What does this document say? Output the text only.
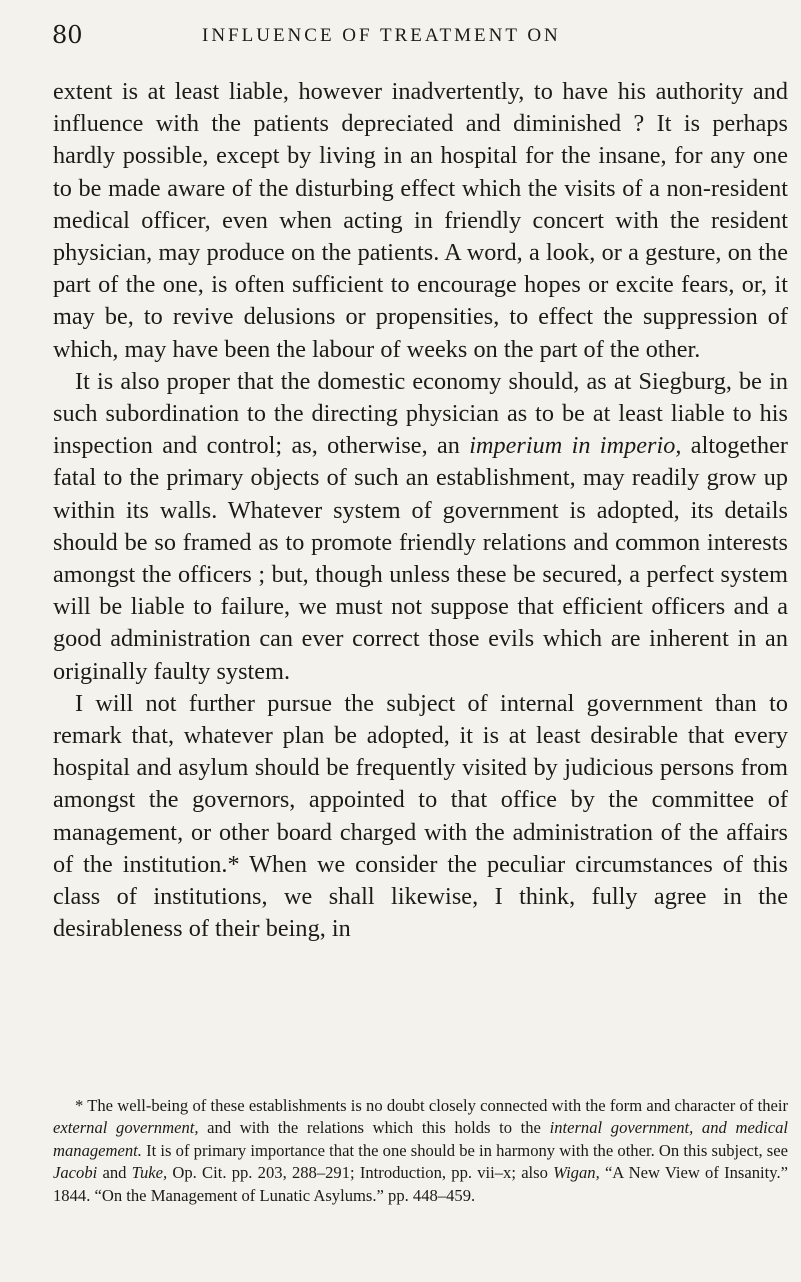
80	INFLUENCE OF TREATMENT ON

extent is at least liable, however inadvertently, to have his authority and influence with the patients depreciated and diminished ? It is perhaps hardly possible, except by living in an hospital for the insane, for any one to be made aware of the disturbing effect which the visits of a non-resident medical officer, even when acting in friendly concert with the resident physician, may produce on the patients. A word, a look, or a gesture, on the part of the one, is often sufficient to encourage hopes or excite fears, or, it may be, to revive delusions or propensities, to effect the suppression of which, may have been the labour of weeks on the part of the other.

It is also proper that the domestic economy should, as at Siegburg, be in such subordination to the directing physician as to be at least liable to his inspection and control; as, otherwise, an imperium in imperio, altogether fatal to the primary objects of such an establishment, may readily grow up within its walls. Whatever system of government is adopted, its details should be so framed as to promote friendly relations and common interests amongst the officers ; but, though unless these be secured, a perfect system will be liable to failure, we must not suppose that efficient officers and a good administration can ever correct those evils which are inherent in an originally faulty system.

I will not further pursue the subject of internal government than to remark that, whatever plan be adopted, it is at least desirable that every hospital and asylum should be frequently visited by judicious persons from amongst the governors, appointed to that office by the committee of management, or other board charged with the administration of the affairs of the institution.* When we consider the peculiar circumstances of this class of institutions, we shall likewise, I think, fully agree in the desirableness of their being, in

* The well-being of these establishments is no doubt closely connected with the form and character of their external government, and with the relations which this holds to the internal government, and medical management. It is of primary importance that the one should be in harmony with the other. On this subject, see Jacobi and Tuke, Op. Cit. pp. 203, 288–291; Introduction, pp. vii–x; also Wigan, “A New View of Insanity.” 1844. “On the Management of Lunatic Asylums.” pp. 448–459.
